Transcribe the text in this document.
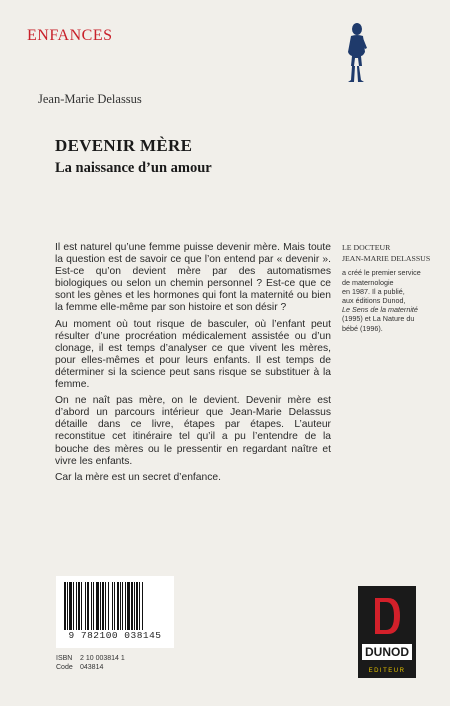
ENFANCES
Jean-Marie Delassus
DEVENIR MÈRE
La naissance d’un amour

Il est naturel qu’une femme puisse devenir mère. Mais toute la question est de savoir ce que l’on entend par « devenir ». Est-ce qu’on devient mère par des automatismes biologiques ou selon un chemin personnel ? Est-ce que ce sont les gènes et les hormones qui font la maternité ou bien la femme elle-même par son histoire et son désir ?

Au moment où tout risque de basculer, où l’enfant peut résulter d’une procréation médicalement assistée ou d’un clonage, il est temps d’analyser ce que vivent les mères, pour elles-mêmes et pour leurs enfants. Il est temps de déterminer si la science peut sans risque se substituer à la femme.

On ne naît pas mère, on le devient. Devenir mère est d’abord un parcours intérieur que Jean-Marie Delassus détaille dans ce livre, étapes par étapes. L’auteur reconstitue cet itinéraire tel qu’il a pu l’entendre de la bouche des mères ou le pressentir en regardant naître et vivre les enfants.

Car la mère est un secret d’enfance.

LE DOCTEUR
JEAN-MARIE DELASSUS
a créé le premier service
de maternologie
en 1987. Il a publié,
aux éditions Dunod,
Le Sens de la maternité
(1995) et La Nature du
bébé (1996).
9 782100 038145
ISBN 2 10 003814 1
Code 043814
DUNOD
EDITEUR
